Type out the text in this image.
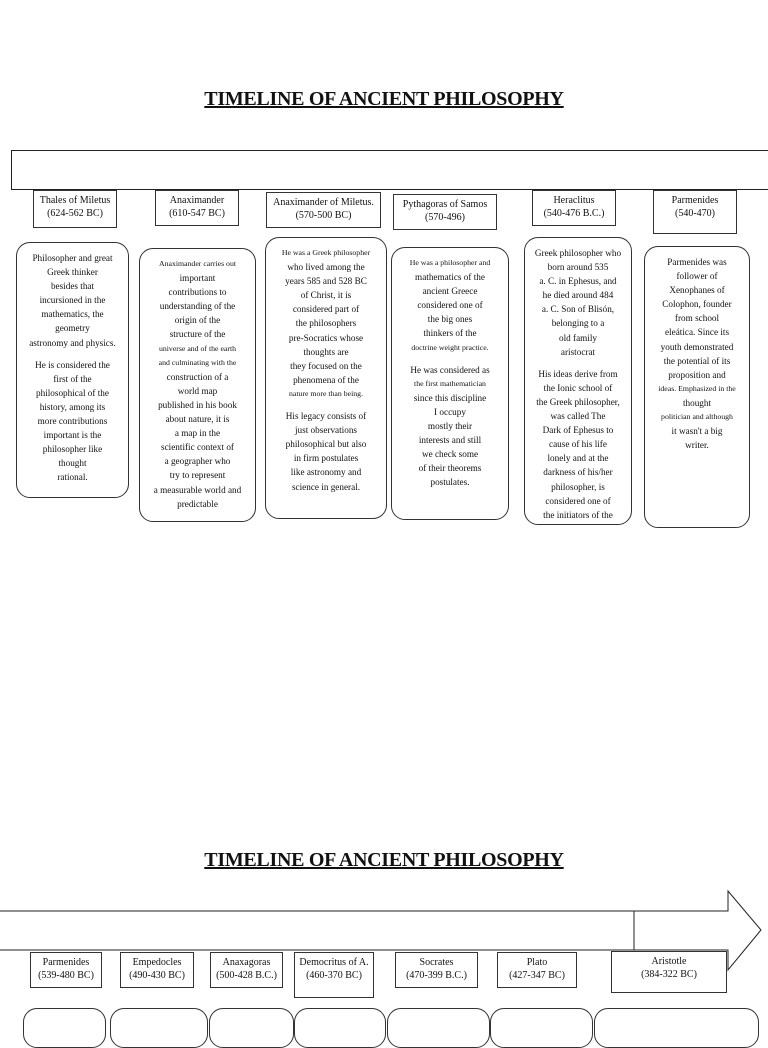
TIMELINE OF ANCIENT PHILOSOPHY
Thales of Miletus
(624-562 BC)
Anaximander
(610-547 BC)
Anaximander of Miletus.
(570-500 BC)
Pythagoras of Samos
(570-496)
Heraclitus
(540-476 B.C.)
Parmenides
(540-470)

Philosopher and great

Greek thinker

besides that

incursioned in the

mathematics, the

geometry

astronomy and physics.

He is considered the

first of the

philosophical of the

history, among its

more contributions

important is the

philosopher like

thought

rational.

Anaximander carries out

important

contributions to

understanding of the

origin of the

structure of the

universe and of the earth

and culminating with the

construction of a

world map

published in his book

about nature, it is

a map in the

scientific context of

a geographer who

try to represent

a measurable world and

predictable

He was a Greek philosopher

who lived among the

years 585 and 528 BC

of Christ, it is

considered part of

the philosophers

pre-Socratics whose

thoughts are

they focused on the

phenomena of the

nature more than being.

His legacy consists of

just observations

philosophical but also

in firm postulates

like astronomy and

science in general.

He was a philosopher and

mathematics of the

ancient Greece

considered one of

the big ones

thinkers of the

doctrine weight practice.

He was considered as

the first mathematician

since this discipline

I occupy

mostly their

interests and still

we check some

of their theorems

postulates.

Greek philosopher who

born around 535

a. C. in Ephesus, and

he died around 484

a. C. Son of Blisón,

belonging to a

old family

aristocrat

His ideas derive from

the Ionic school of

the Greek philosopher,

was called The

Dark of Ephesus to

cause of his life

lonely and at the

darkness of his/her

philosopher, is

considered one of

the initiators of the

Parmenides was

follower of

Xenophanes of

Colophon, founder

from school

eleática. Since its

youth demonstrated

the potential of its

proposition and

ideas. Emphasized in the

thought

politician and although

it wasn't a big

writer.

TIMELINE OF ANCIENT PHILOSOPHY
Parmenides
(539-480 BC)
Empedocles
(490-430 BC)
Anaxagoras
(500-428 B.C.)
Democritus of A.
(460-370 BC)
Socrates
(470-399 B.C.)
Plato
(427-347 BC)
Aristotle
(384-322 BC)
